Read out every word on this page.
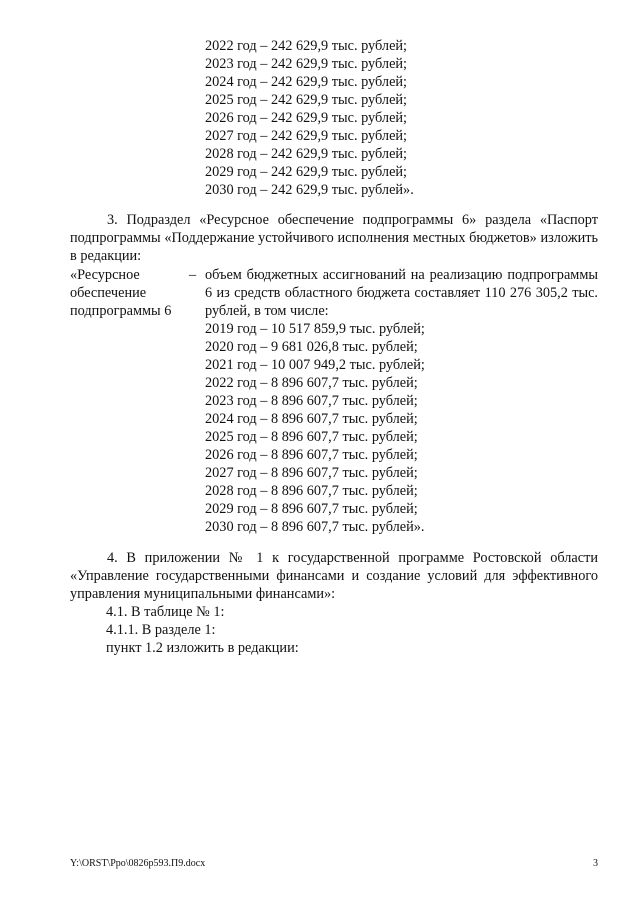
2022 год – 242 629,9 тыс. рублей;
2023 год – 242 629,9 тыс. рублей;
2024 год – 242 629,9 тыс. рублей;
2025 год – 242 629,9 тыс. рублей;
2026 год – 242 629,9 тыс. рублей;
2027 год – 242 629,9 тыс. рублей;
2028 год – 242 629,9 тыс. рублей;
2029 год – 242 629,9 тыс. рублей;
2030 год – 242 629,9 тыс. рублей».
3. Подраздел «Ресурсное обеспечение подпрограммы 6» раздела «Паспорт подпрограммы «Поддержание устойчивого исполнения местных бюджетов» изложить в редакции:
«Ресурсное
обеспечение
подпрограммы 6
– объем бюджетных ассигнований на реализацию подпрограммы 6 из средств областного бюджета составляет 110 276 305,2 тыс. рублей, в том числе:
2019 год – 10 517 859,9 тыс. рублей;
2020 год – 9 681 026,8 тыс. рублей;
2021 год – 10 007 949,2 тыс. рублей;
2022 год – 8 896 607,7 тыс. рублей;
2023 год – 8 896 607,7 тыс. рублей;
2024 год – 8 896 607,7 тыс. рублей;
2025 год – 8 896 607,7 тыс. рублей;
2026 год – 8 896 607,7 тыс. рублей;
2027 год – 8 896 607,7 тыс. рублей;
2028 год – 8 896 607,7 тыс. рублей;
2029 год – 8 896 607,7 тыс. рублей;
2030 год – 8 896 607,7 тыс. рублей».
4. В приложении № 1 к государственной программе Ростовской области «Управление государственными финансами и создание условий для эффективного управления муниципальными финансами»:
4.1. В таблице № 1:
4.1.1. В разделе 1:
пункт 1.2 изложить в редакции:
Y:\ORST\Ppo\0826p593.П9.docx	3
